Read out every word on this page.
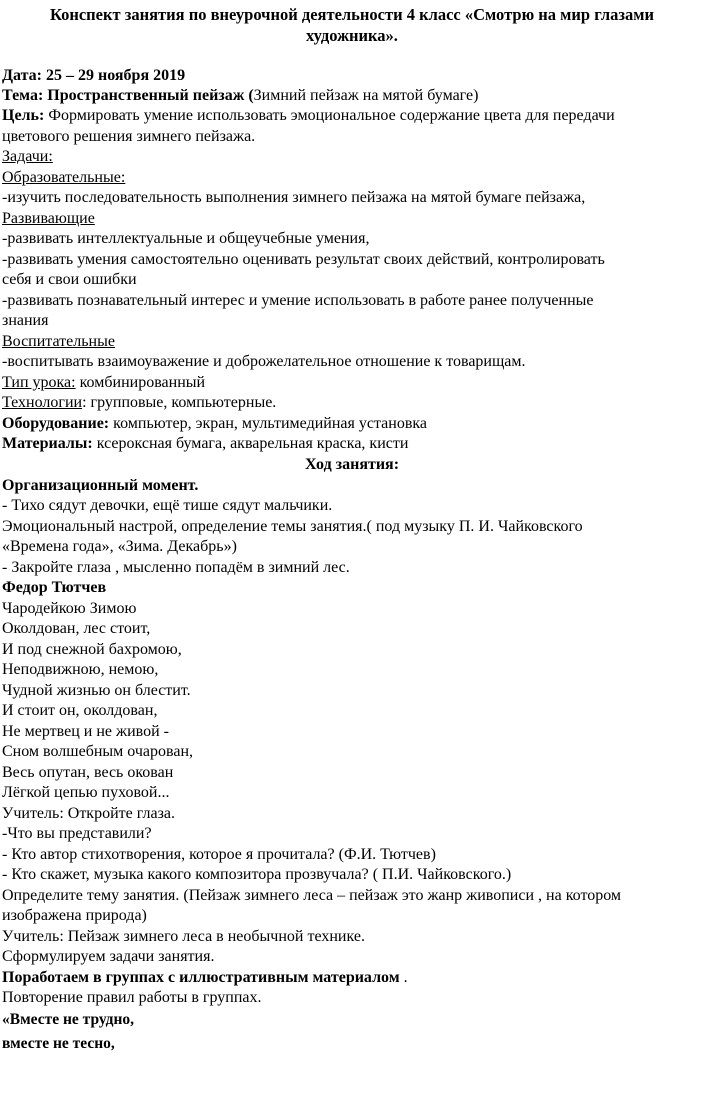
Конспект занятия по внеурочной деятельности 4 класс «Смотрю на мир глазами
художника».
Дата: 25 – 29 ноября 2019
Тема: Пространственный пейзаж (Зимний пейзаж на мятой бумаге)
Цель: Формировать умение использовать эмоциональное содержание цвета для передачи
цветового решения зимнего пейзажа.
Задачи:
Образовательные:
-изучить последовательность выполнения зимнего пейзажа на мятой бумаге пейзажа,
Развивающие
-развивать интеллектуальные и общеучебные умения,
-развивать умения самостоятельно оценивать результат своих действий, контролировать
себя и свои ошибки
-развивать познавательный интерес и умение использовать в работе ранее полученные
знания
Воспитательные
-воспитывать взаимоуважение и доброжелательное отношение к товарищам.
Тип урока: комбинированный
Технологии: групповые, компьютерные.
Оборудование: компьютер, экран, мультимедийная установка
Материалы: ксероксная бумага, акварельная краска, кисти
Ход занятия:
Организационный момент.
- Тихо сядут девочки, ещё тише сядут мальчики.
Эмоциональный настрой, определение темы занятия.( под музыку П. И. Чайковского
«Времена года», «Зима. Декабрь»)
- Закройте глаза , мысленно попадём в зимний лес.
Федор Тютчев
Чародейкою Зимою
Околдован, лес стоит,
И под снежной бахромою,
Неподвижною, немою,
Чудной жизнью он блестит.
И стоит он, околдован,
Не мертвец и не живой -
Сном волшебным очарован,
Весь опутан, весь окован
Лёгкой цепью пуховой...
Учитель: Откройте глаза.
-Что вы представили?
- Кто автор стихотворения, которое я прочитала? (Ф.И. Тютчев)
- Кто скажет, музыка какого композитора прозвучала? ( П.И. Чайковского.)
Определите тему занятия. (Пейзаж зимнего леса – пейзаж это жанр живописи , на котором
изображена природа)
Учитель: Пейзаж зимнего леса в необычной технике.
Сформулируем задачи занятия.
Поработаем в группах с иллюстративным материалом .
Повторение правил работы в группах.
«Вместе не трудно,
вместе не тесно,
